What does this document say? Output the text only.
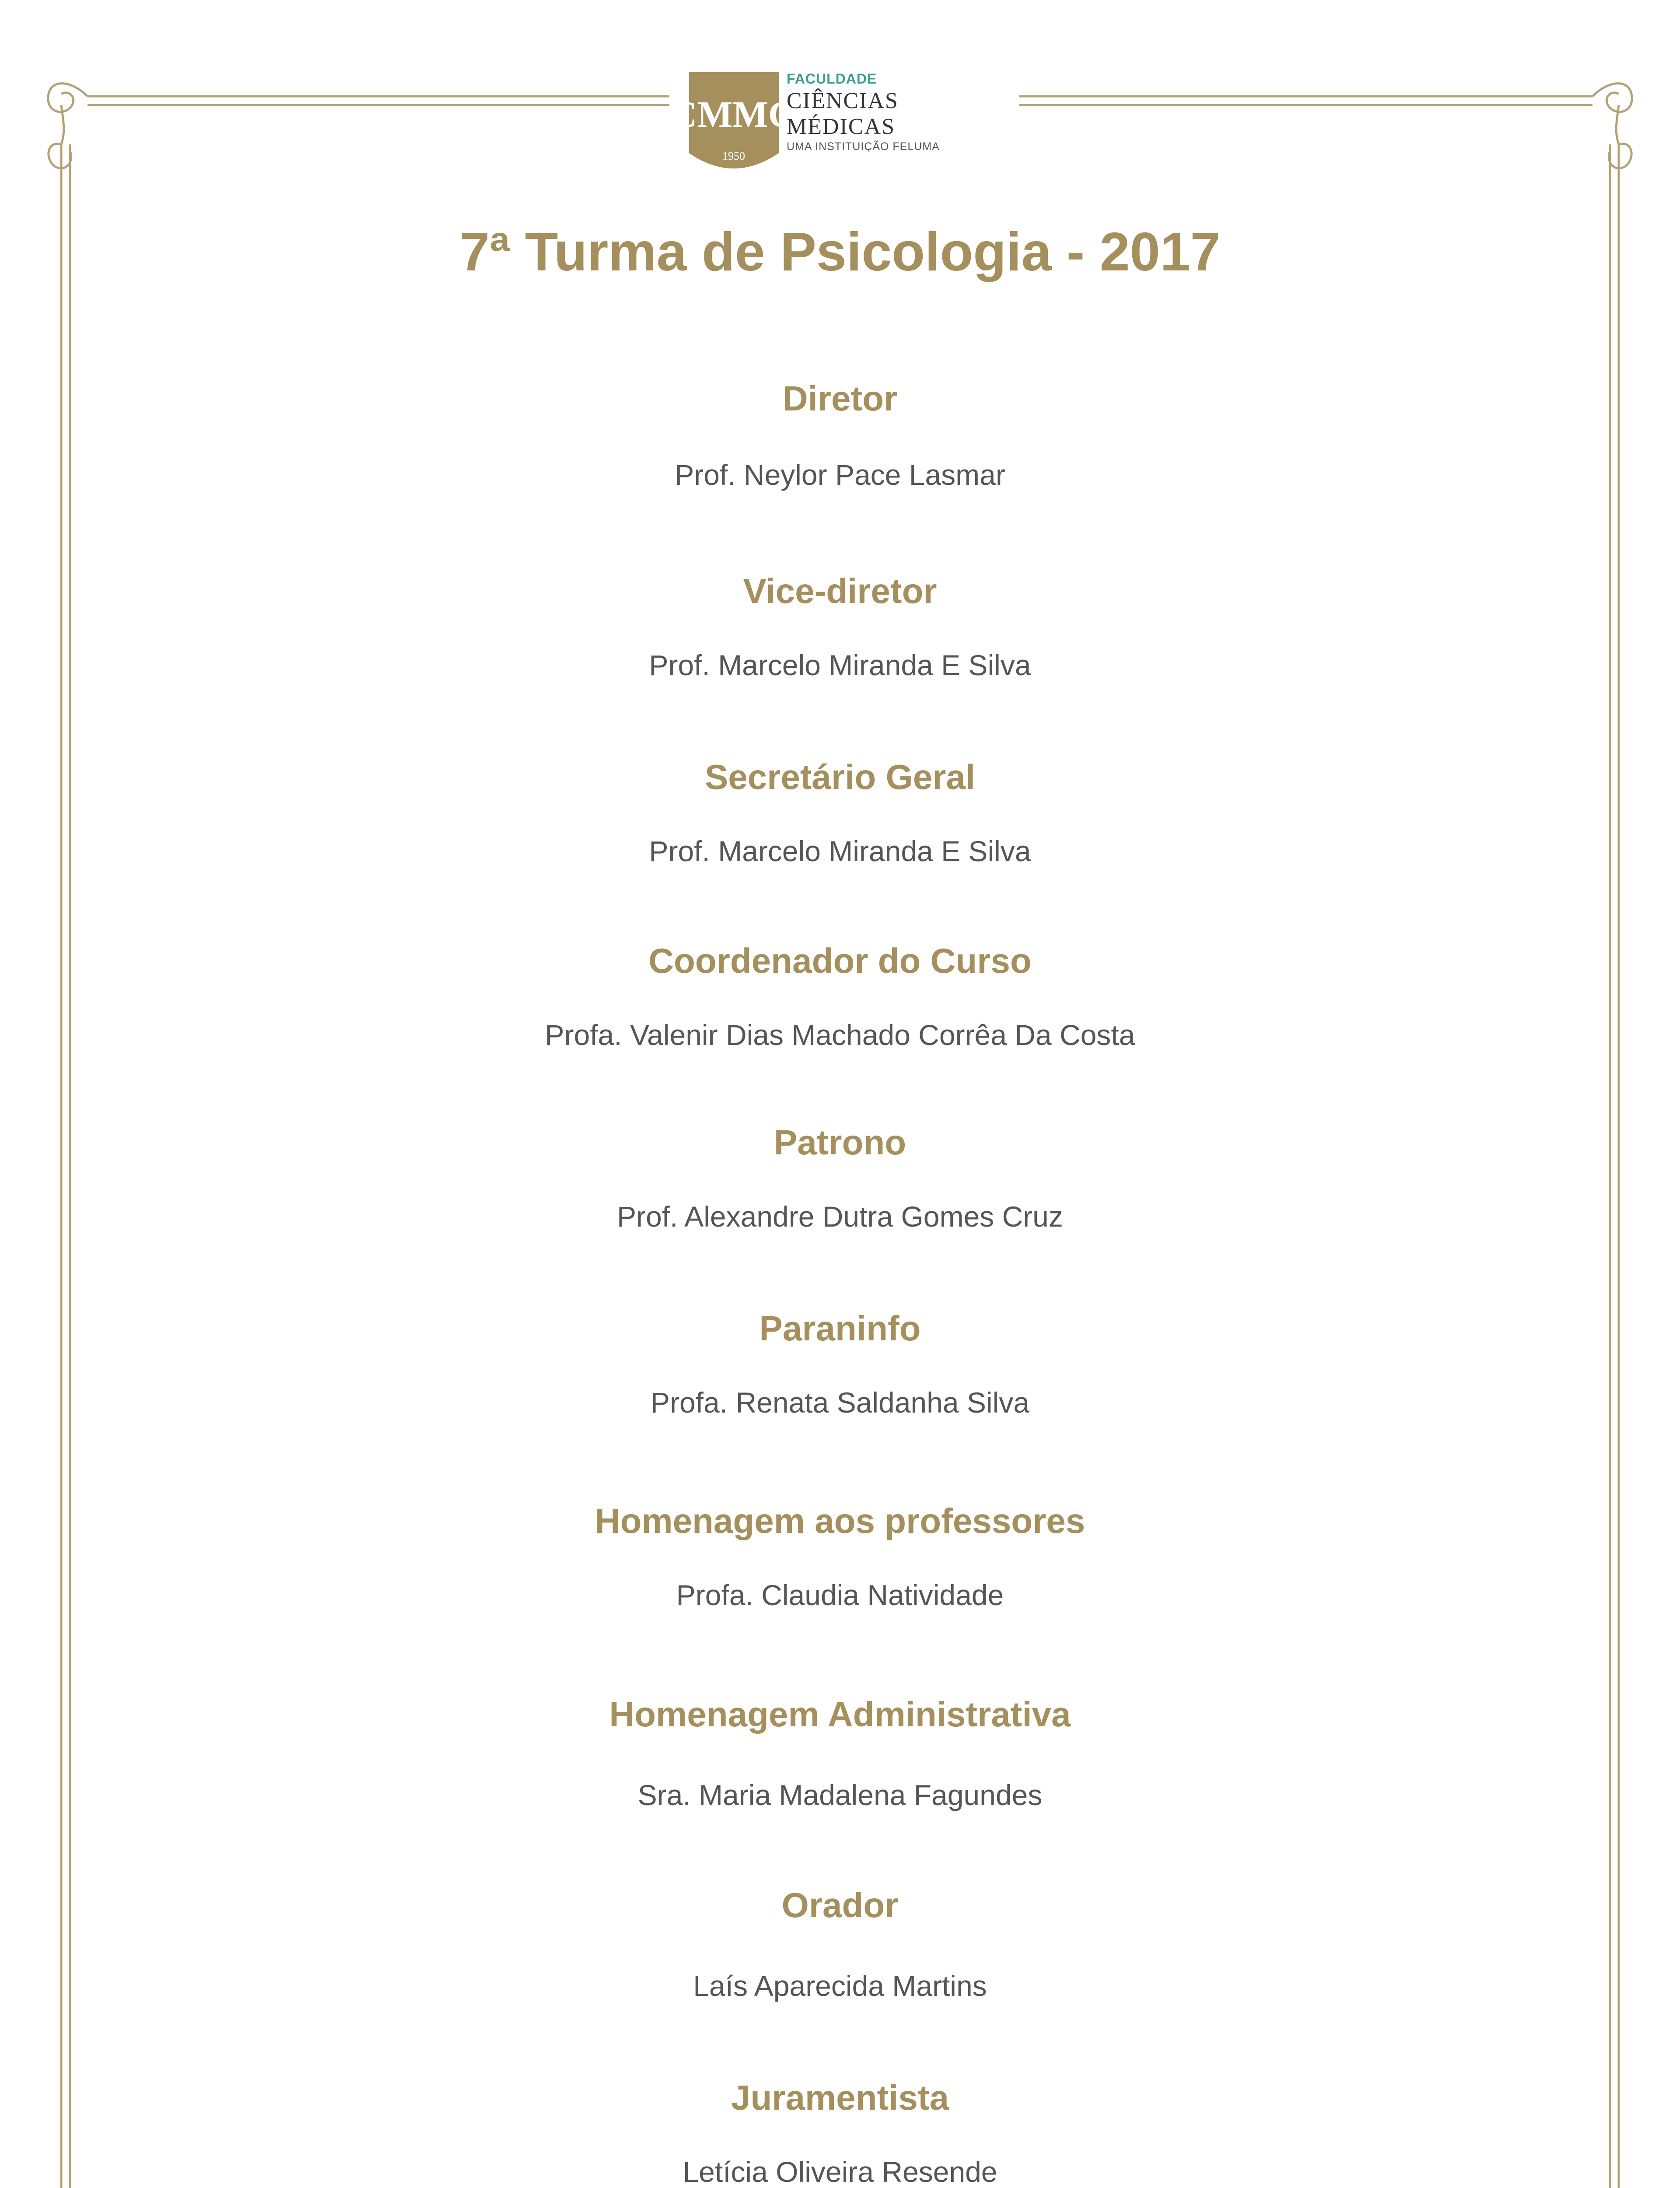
CMMG
1950
FACULDADE
CIÊNCIAS MÉDICAS
UMA INSTITUIÇÃO FELUMA
7ª Turma de Psicologia - 2017
Diretor
Prof. Neylor Pace Lasmar
Vice-diretor
Prof. Marcelo Miranda E Silva
Secretário Geral
Prof. Marcelo Miranda E Silva
Coordenador do Curso
Profa. Valenir Dias Machado Corrêa Da Costa
Patrono
Prof. Alexandre Dutra Gomes Cruz
Paraninfo
Profa. Renata Saldanha Silva
Homenagem aos professores
Profa. Claudia Natividade
Homenagem Administrativa
Sra. Maria Madalena Fagundes
Orador
Laís Aparecida Martins
Juramentista
Letícia Oliveira Resende
